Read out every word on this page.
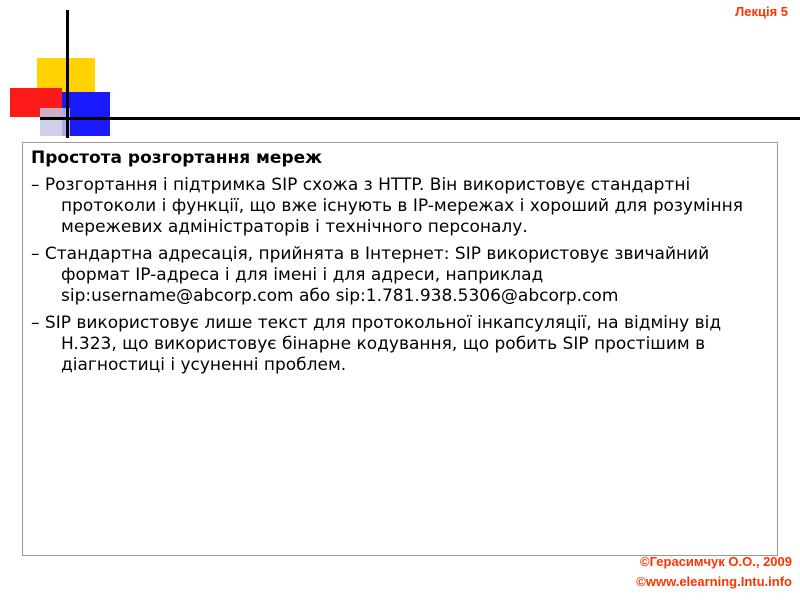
Лекція 5
Простота розгортання мереж
– Розгортання і підтримка SIP схожа з HTTP. Він використовує стандартні протоколи і функції, що вже існують в IP-мережах і хороший для розуміння мережевих адміністраторів і технічного персоналу.
– Стандартна адресація, прийнята в Інтернет: SIP використовує звичайний формат IP-адреса і для імені і для адреси, наприклад sip:username@abcorp.com або sip:1.781.938.5306@abcorp.com
– SIP використовує лише текст для протокольної інкапсуляції, на відміну від H.323, що використовує бінарне кодування, що робить SIP простішим в діагностиці і усуненні проблем.
©Герасимчук О.О., 2009
©www.elearning.Intu.info
